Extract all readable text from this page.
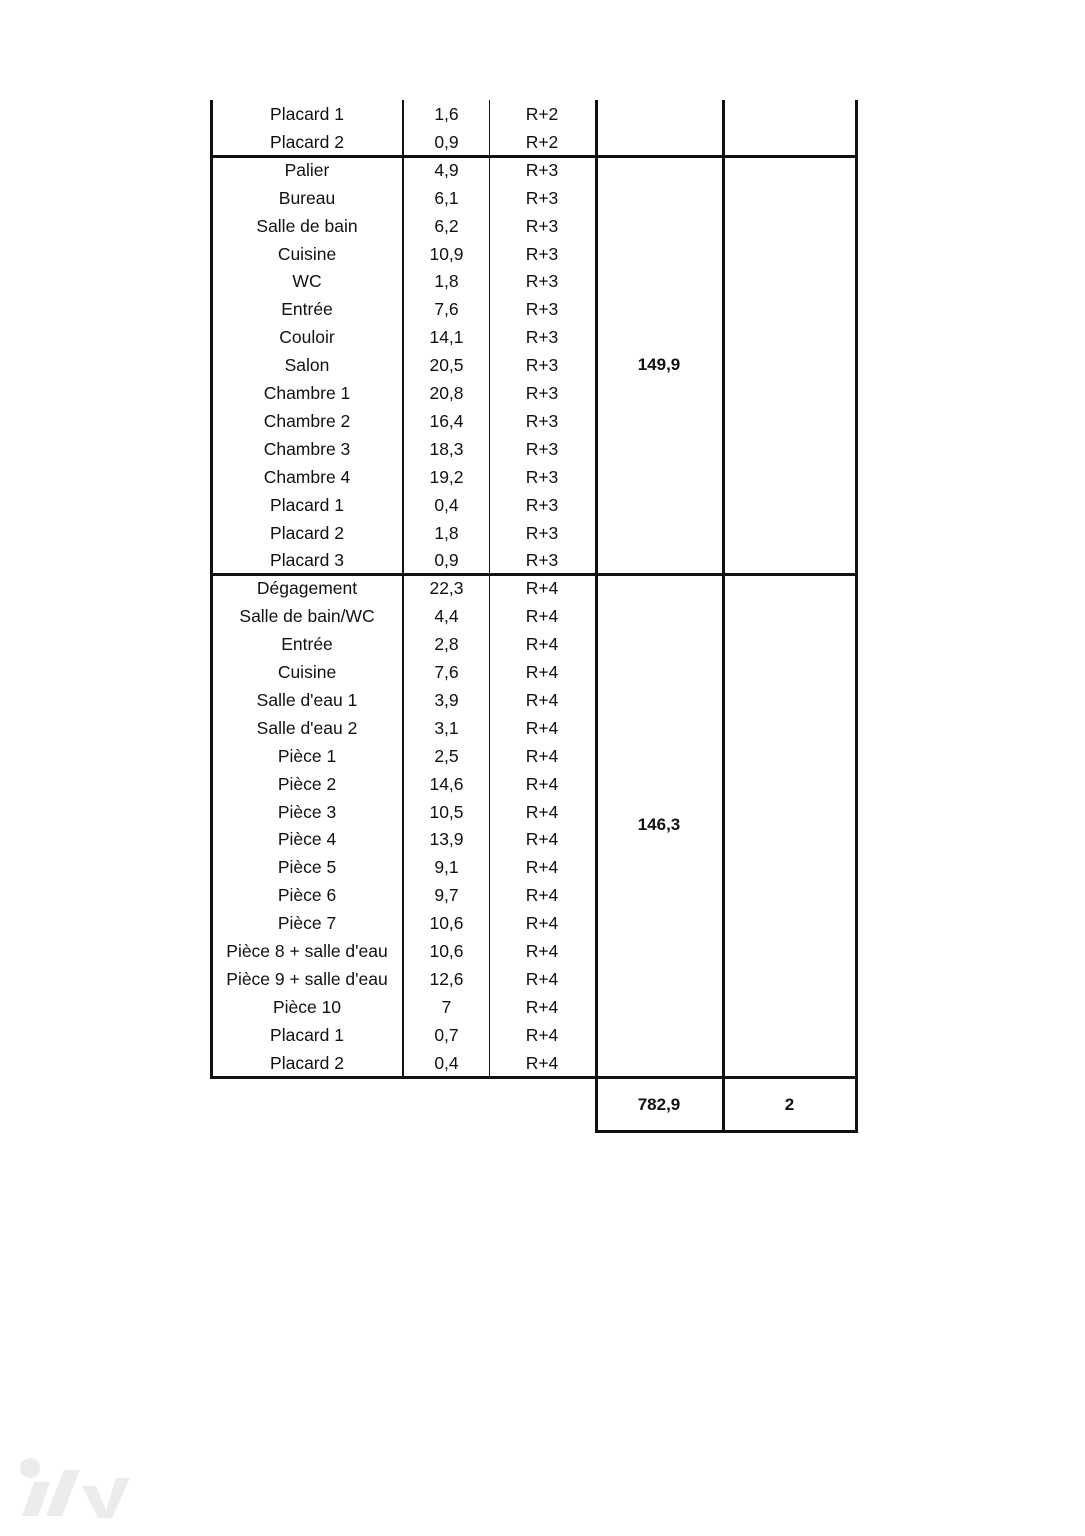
Placard 1	1,6	R+2
Placard 2	0,9	R+2
Palier	4,9	R+3
Bureau	6,1	R+3
Salle de bain	6,2	R+3
Cuisine	10,9	R+3
WC	1,8	R+3
Entrée	7,6	R+3
Couloir	14,1	R+3
Salon	20,5	R+3
Chambre 1	20,8	R+3
Chambre 2	16,4	R+3
Chambre 3	18,3	R+3
Chambre 4	19,2	R+3
Placard 1	0,4	R+3
Placard 2	1,8	R+3
Placard 3	0,9	R+3
149,9
Dégagement	22,3	R+4
Salle de bain/WC	4,4	R+4
Entrée	2,8	R+4
Cuisine	7,6	R+4
Salle d'eau 1	3,9	R+4
Salle d'eau 2	3,1	R+4
Pièce 1	2,5	R+4
Pièce 2	14,6	R+4
Pièce 3	10,5	R+4
Pièce 4	13,9	R+4
Pièce 5	9,1	R+4
Pièce 6	9,7	R+4
Pièce 7	10,6	R+4
Pièce 8 + salle d'eau	10,6	R+4
Pièce 9 + salle d'eau	12,6	R+4
Pièce 10	7	R+4
Placard 1	0,7	R+4
Placard 2	0,4	R+4
146,3
782,9	2
